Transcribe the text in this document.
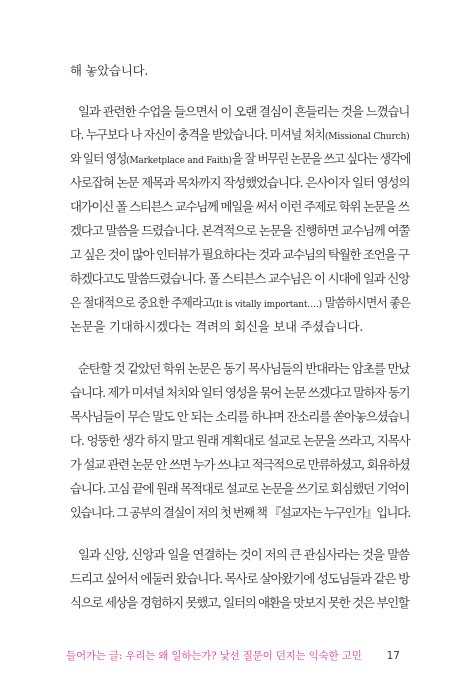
해 놓았습니다.
일과 관련한 수업을 들으면서 이 오랜 결심이 흔들리는 것을 느꼈습니
다. 누구보다 나 자신이 충격을 받았습니다. 미셔널 처치(Missional Church)
와 일터 영성(Marketplace and Faith)을 잘 버무린 논문을 쓰고 싶다는 생각에
사로잡혀 논문 제목과 목차까지 작성했었습니다. 은사이자 일터 영성의
대가이신 폴 스티븐스 교수님께 메일을 써서 이런 주제로 학위 논문을 쓰
겠다고 말씀을 드렸습니다. 본격적으로 논문을 진행하면 교수님께 여쭐
고 싶은 것이 많아 인터뷰가 필요하다는 것과 교수님의 탁월한 조언을 구
하겠다고도 말씀드렸습니다. 폴 스티븐스 교수님은 이 시대에 일과 신앙
은 절대적으로 중요한 주제라고(It is vitally important….) 말씀하시면서 좋은
논문을 기대하시겠다는 격려의 회신을 보내 주셨습니다.
순탄할 것 같았던 학위 논문은 동기 목사님들의 반대라는 암초를 만났
습니다. 제가 미셔널 처치와 일터 영성을 묶어 논문 쓰겠다고 말하자 동기
목사님들이 무슨 말도 안 되는 소리를 하냐며 잔소리를 쏟아놓으셨습니
다. 엉뚱한 생각 하지 말고 원래 계획대로 설교로 논문을 쓰라고, 지목사
가 설교 관련 논문 안 쓰면 누가 쓰냐고 적극적으로 만류하셨고, 회유하셨
습니다. 고심 끝에 원래 목적대로 설교로 논문을 쓰기로 회심했던 기억이
있습니다. 그 공부의 결실이 저의 첫 번째 책 『설교자는 누구인가』입니다.
일과 신앙, 신앙과 일을 연결하는 것이 저의 큰 관심사라는 것을 말씀
드리고 싶어서 에둘러 왔습니다. 목사로 살아왔기에 성도님들과 같은 방
식으로 세상을 경험하지 못했고, 일터의 애환을 맛보지 못한 것은 부인할
들어가는 글: 우리는 왜 일하는가? 낯선 질문이 던지는 익숙한 고민 17
